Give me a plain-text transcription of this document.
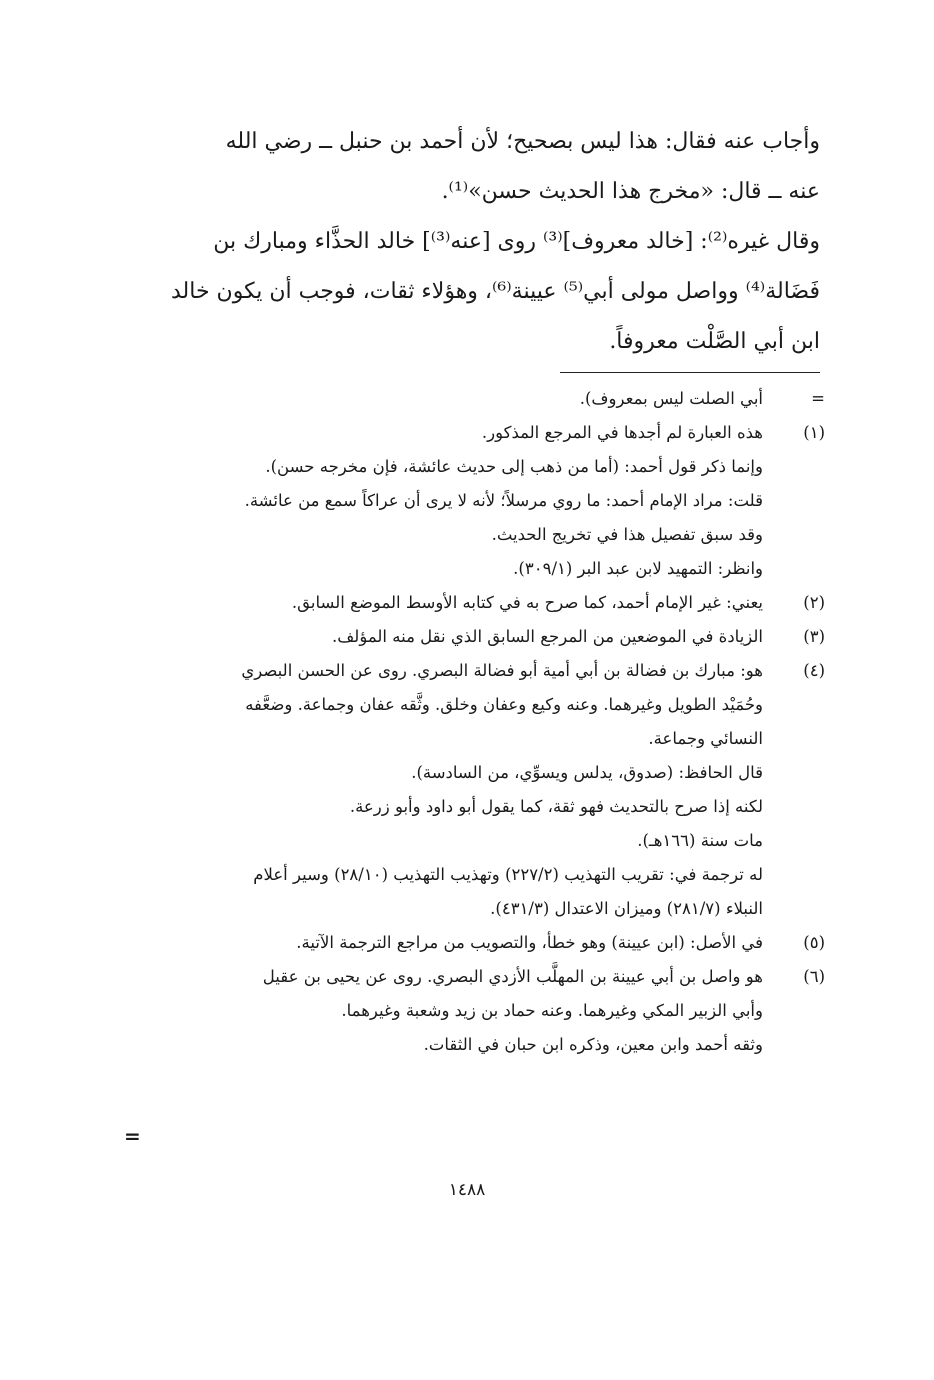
وأجاب عنه فقال: هذا ليس بصحيح؛ لأن أحمد بن حنبل ــ رضي الله
عنه ــ قال: «مخرج هذا الحديث حسن»⁽¹⁾.
وقال غيره⁽²⁾: [خالد معروف]⁽³⁾ روى [عنه⁽³⁾] خالد الحذَّاء ومبارك بن
فَضَالة⁽⁴⁾ وواصل مولى أبي⁽⁵⁾ عيينة⁽⁶⁾، وهؤلاء ثقات، فوجب أن يكون خالد
ابن أبي الصَّلْت معروفاً.
=
أبي الصلت ليس بمعروف).
(١)
هذه العبارة لم أجدها في المرجع المذكور.
وإنما ذكر قول أحمد: (أما من ذهب إلى حديث عائشة، فإن مخرجه حسن).
قلت: مراد الإمام أحمد: ما روي مرسلاً؛ لأنه لا يرى أن عراكاً سمع من عائشة.
وقد سبق تفصيل هذا في تخريج الحديث.
وانظر: التمهيد لابن عبد البر (٣٠٩/١).
(٢)
يعني: غير الإمام أحمد، كما صرح به في كتابه الأوسط الموضع السابق.
(٣)
الزيادة في الموضعين من المرجع السابق الذي نقل منه المؤلف.
(٤)
هو: مبارك بن فضالة بن أبي أمية أبو فضالة البصري. روى عن الحسن البصري
وحُمَيْد الطويل وغيرهما. وعنه وكيع وعفان وخلق. وثَّقه عفان وجماعة. وضعَّفه
النسائي وجماعة.
قال الحافظ: (صدوق، يدلس ويسوِّي، من السادسة).
لكنه إذا صرح بالتحديث فهو ثقة، كما يقول أبو داود وأبو زرعة.
مات سنة (١٦٦هـ).
له ترجمة في: تقريب التهذيب (٢٢٧/٢) وتهذيب التهذيب (٢٨/١٠) وسير أعلام
النبلاء (٢٨١/٧) وميزان الاعتدال (٤٣١/٣).
(٥)
في الأصل: (ابن عيينة) وهو خطأ، والتصويب من مراجع الترجمة الآتية.
(٦)
هو واصل بن أبي عيينة بن المهلَّب الأزدي البصري. روى عن يحيى بن عقيل
وأبي الزبير المكي وغيرهما. وعنه حماد بن زيد وشعبة وغيرهما.
وثقه أحمد وابن معين، وذكره ابن حبان في الثقات.
=
١٤٨٨
